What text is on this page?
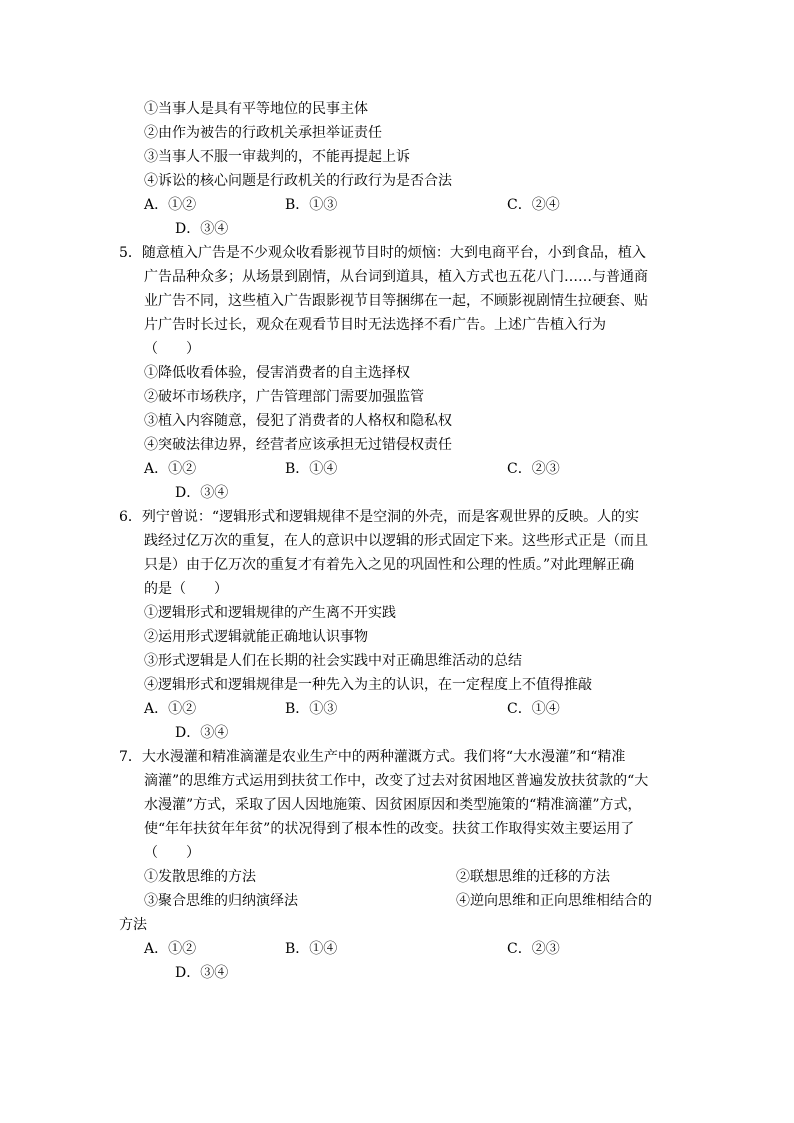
①当事人是具有平等地位的民事主体
②由作为被告的行政机关承担举证责任
③当事人不服一审裁判的，不能再提起上诉
④诉讼的核心问题是行政机关的行政行为是否合法
A．①②	B．①③	C．②④
D．③④
5．随意植入广告是不少观众收看影视节目时的烦恼：大到电商平台，小到食品，植入
广告品种众多；从场景到剧情，从台词到道具，植入方式也五花八门……与普通商
业广告不同，这些植入广告跟影视节目等捆绑在一起，不顾影视剧情生拉硬套、贴
片广告时长过长，观众在观看节目时无法选择不看广告。上述广告植入行为
（　　）
①降低收看体验，侵害消费者的自主选择权
②破坏市场秩序，广告管理部门需要加强监管
③植入内容随意，侵犯了消费者的人格权和隐私权
④突破法律边界，经营者应该承担无过错侵权责任
A．①②	B．①④	C．②③
D．③④
6．列宁曾说：“逻辑形式和逻辑规律不是空洞的外壳，而是客观世界的反映。人的实
践经过亿万次的重复，在人的意识中以逻辑的形式固定下来。这些形式正是（而且
只是）由于亿万次的重复才有着先入之见的巩固性和公理的性质。”对此理解正确
的是（　　）
①逻辑形式和逻辑规律的产生离不开实践
②运用形式逻辑就能正确地认识事物
③形式逻辑是人们在长期的社会实践中对正确思维活动的总结
④逻辑形式和逻辑规律是一种先入为主的认识，在一定程度上不值得推敲
A．①②	B．①③	C．①④
D．③④
7．大水漫灌和精准滴灌是农业生产中的两种灌溉方式。我们将“大水漫灌”和“精准
滴灌”的思维方式运用到扶贫工作中，改变了过去对贫困地区普遍发放扶贫款的“大
水漫灌”方式，采取了因人因地施策、因贫困原因和类型施策的“精准滴灌”方式，
使“年年扶贫年年贫”的状况得到了根本性的改变。扶贫工作取得实效主要运用了
（　　）
①发散思维的方法	②联想思维的迁移的方法
③聚合思维的归纳演绎法	④逆向思维和正向思维相结合的
方法
A．①②	B．①④	C．②③
D．③④
